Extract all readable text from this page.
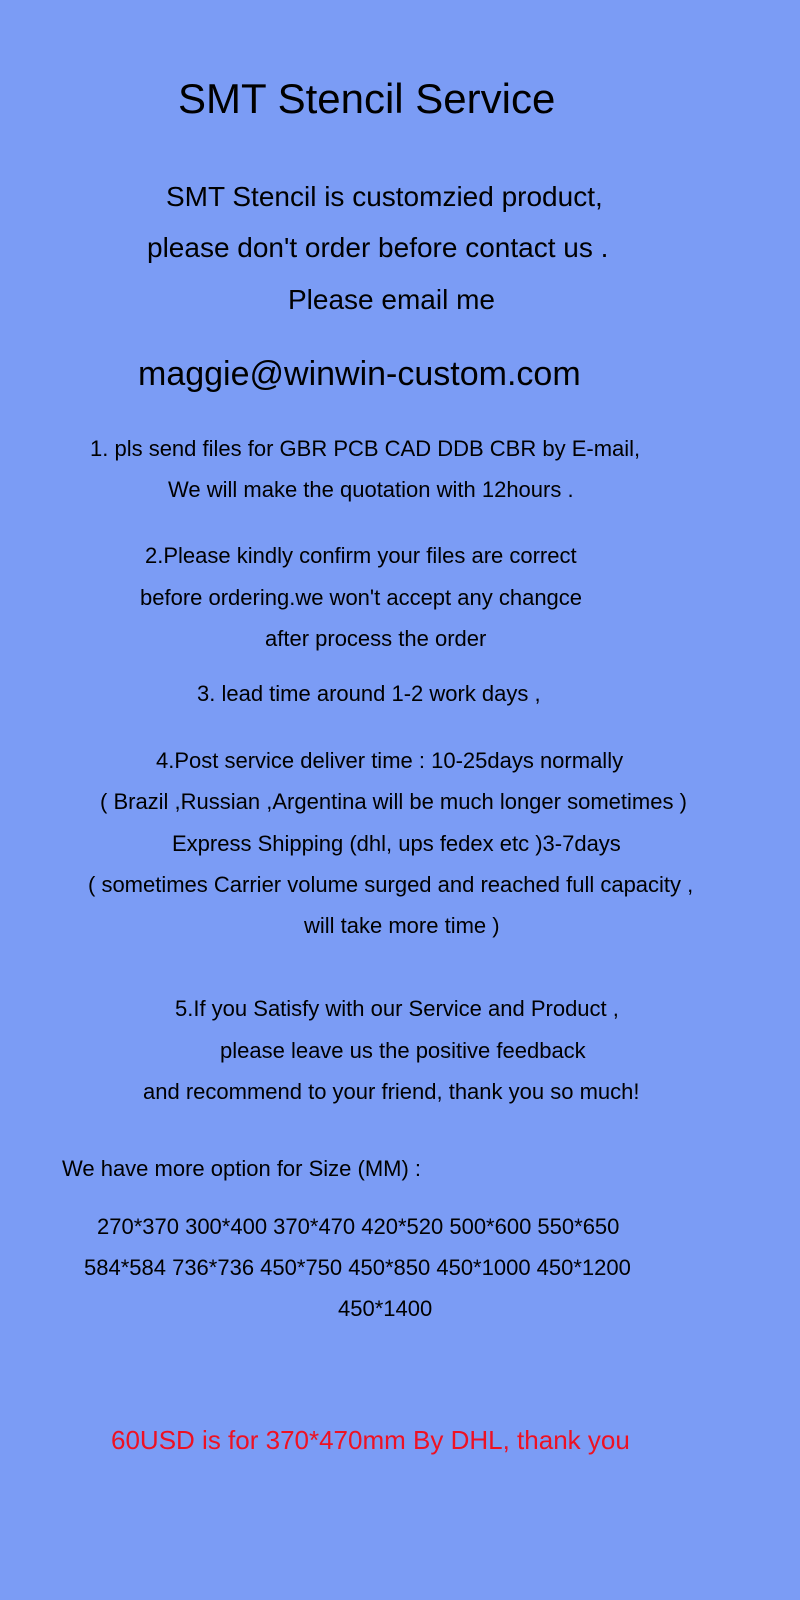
SMT Stencil Service
SMT Stencil is customzied product,
please don't order before contact us .
Please email me
maggie@winwin-custom.com
1. pls send files for GBR PCB CAD DDB CBR by E-mail,
We will make the quotation with 12hours .
2.Please kindly confirm your files are correct
before ordering.we won't accept any changce
after process the order
3. lead time around 1-2 work days ,
4.Post service deliver time : 10-25days normally
( Brazil ,Russian ,Argentina will be much longer sometimes )
Express Shipping (dhl, ups fedex etc )3-7days
( sometimes Carrier volume surged and reached full capacity ,
will take more time )
5.If you Satisfy with our Service and Product ,
please leave us the positive feedback
and recommend to your friend, thank you so much!
We have more option for Size (MM) :
270*370 300*400 370*470 420*520 500*600 550*650
584*584 736*736 450*750 450*850 450*1000 450*1200
450*1400
60USD is for 370*470mm By DHL, thank you
